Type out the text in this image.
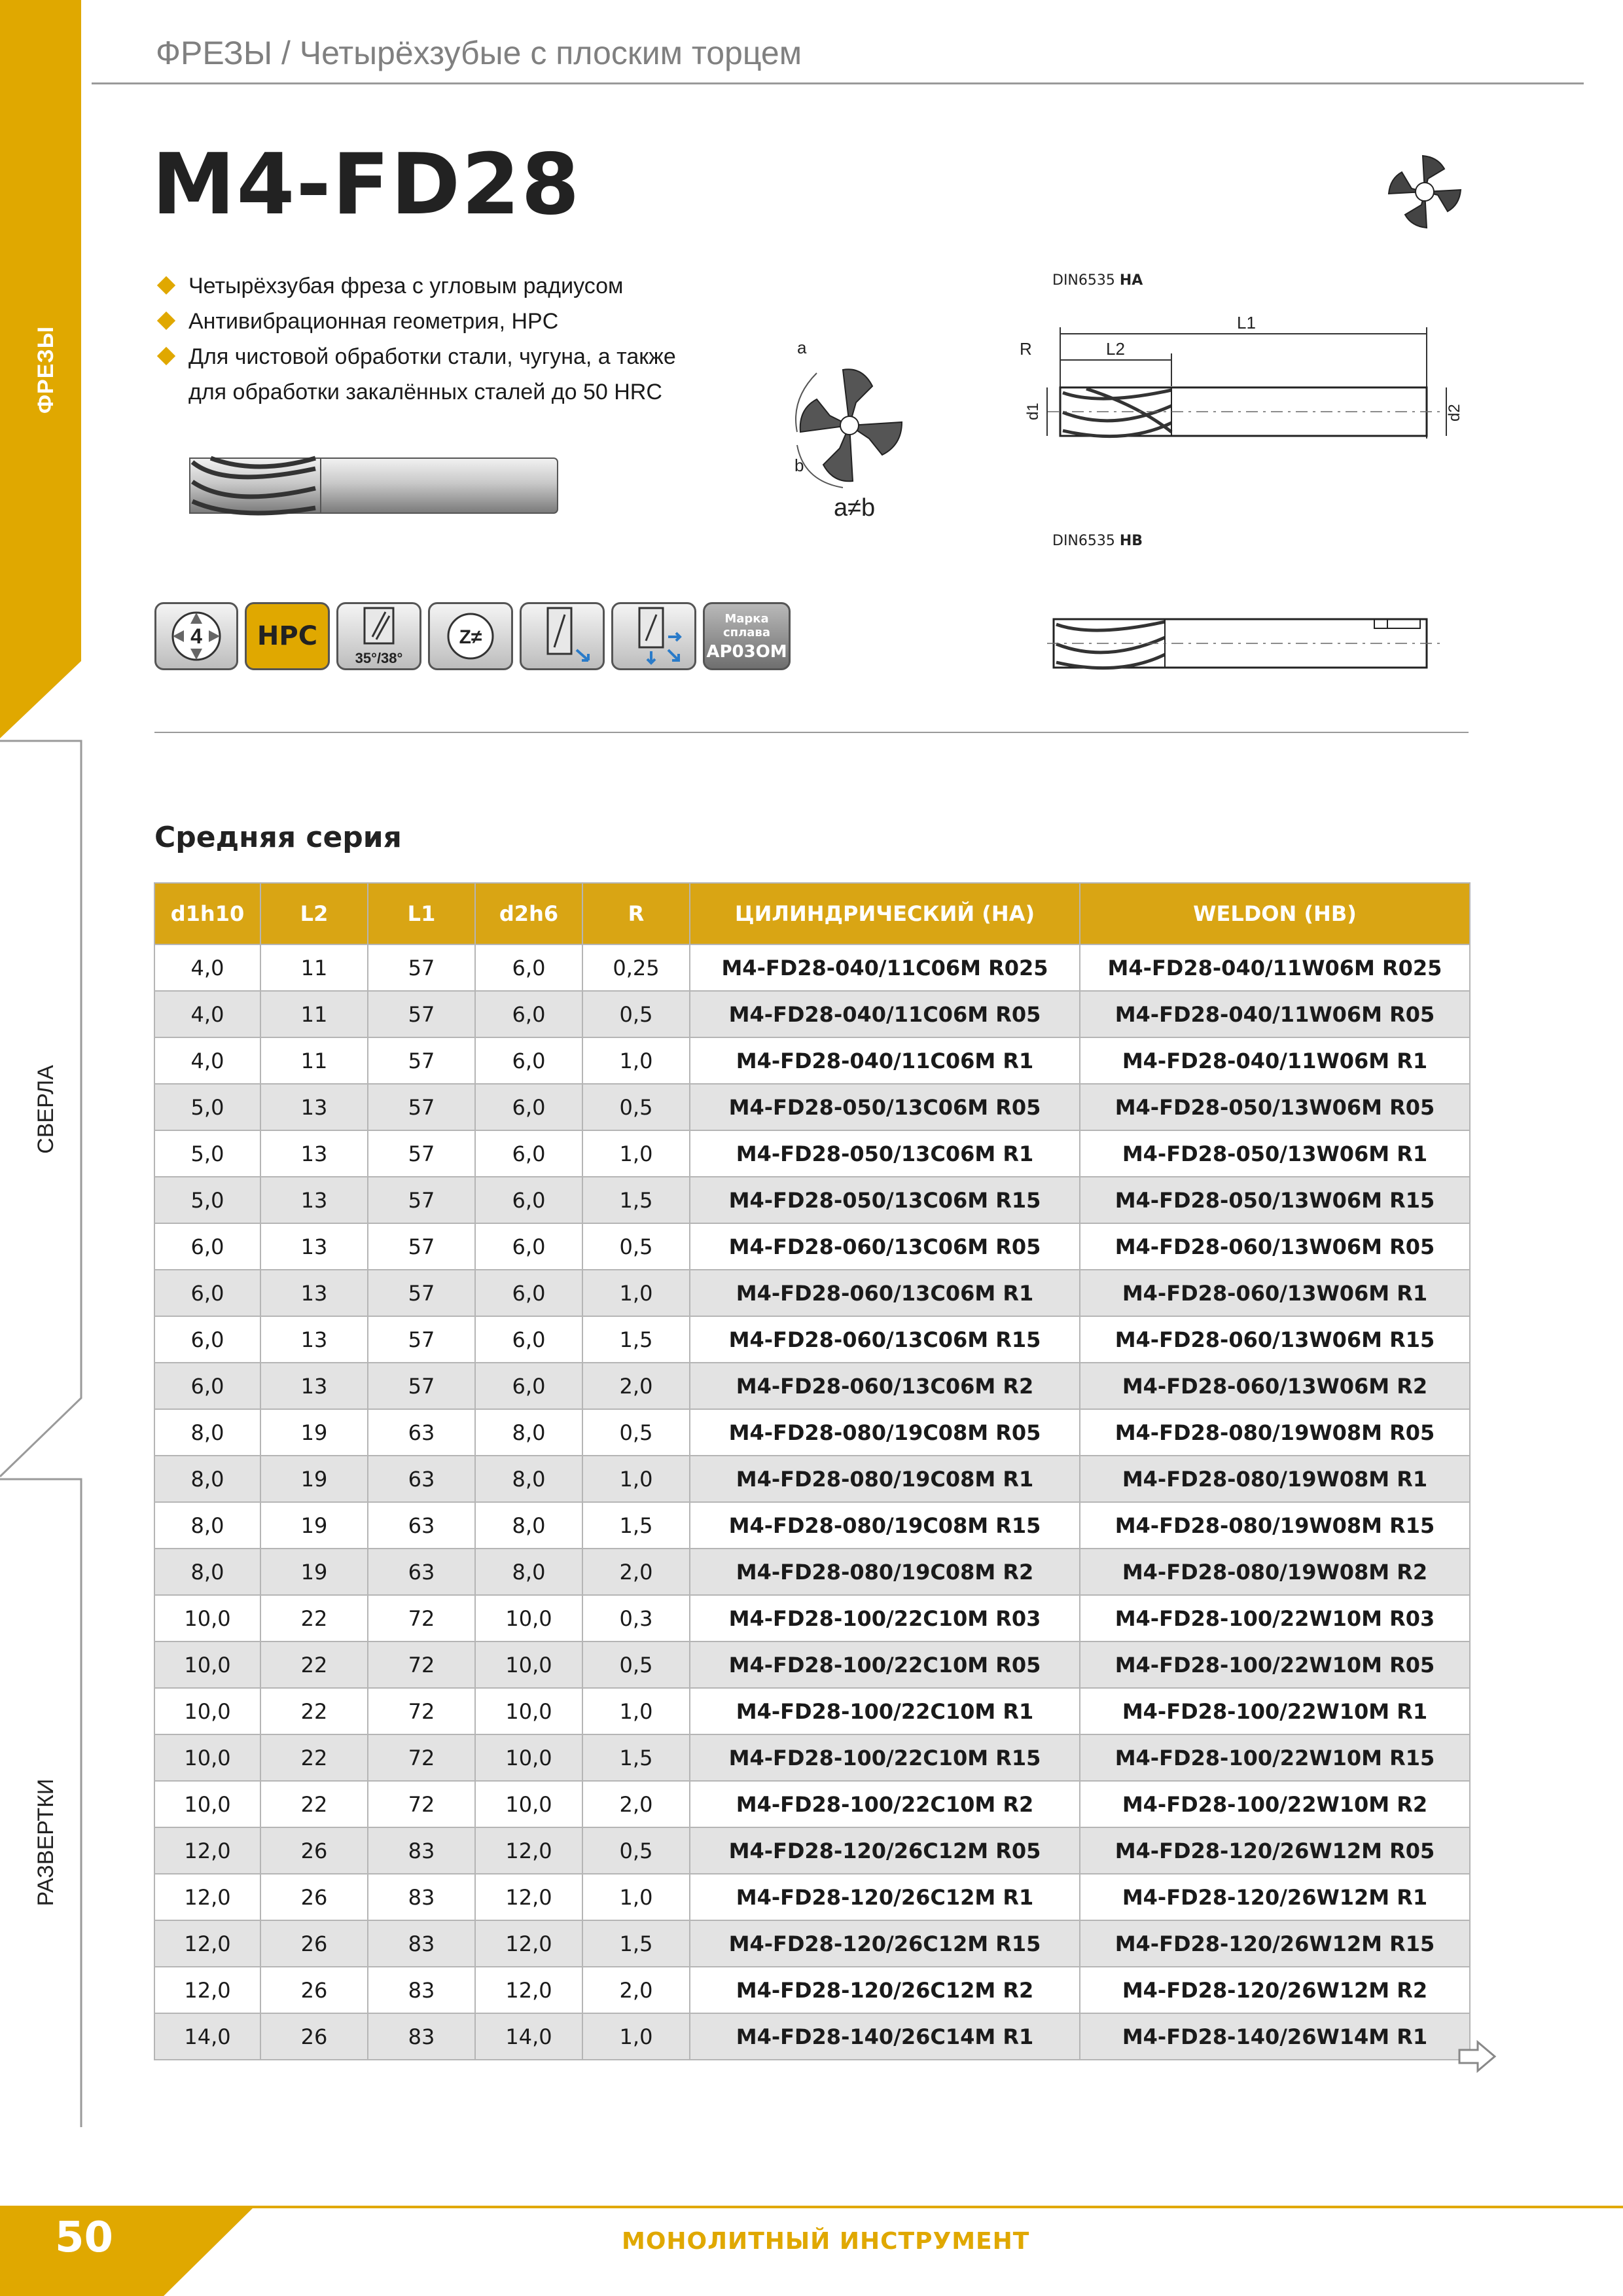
ФРЕЗЫ
СВЕРЛА
РАЗВЕРТКИ
ФРЕЗЫ / Четырёхзубые с плоским торцем
M4-FD28
Четырёхзубая фреза с угловым радиусом
Антивибрационная геометрия, HPC
Для чистовой обработки стали, чугуна, а также
для обработки закалённых сталей до 50 HRC
a
b
a≠b
DIN6535 HA
L1
L2
R
d1	d2
DIN6535 HB
4	HPC
35°/38°
Z≠
Марка
сплава
AP03OM
Средняя серия
d1h10	L2	L1	d2h6	R	ЦИЛИНДРИЧЕСКИЙ (HA)	WELDON (HB)
4,0	11	57	6,0	0,25	M4-FD28-040/11C06M R025	M4-FD28-040/11W06M R025
4,0	11	57	6,0	0,5	M4-FD28-040/11C06M R05	M4-FD28-040/11W06M R05
4,0	11	57	6,0	1,0	M4-FD28-040/11C06M R1	M4-FD28-040/11W06M R1
5,0	13	57	6,0	0,5	M4-FD28-050/13C06M R05	M4-FD28-050/13W06M R05
5,0	13	57	6,0	1,0	M4-FD28-050/13C06M R1	M4-FD28-050/13W06M R1
5,0	13	57	6,0	1,5	M4-FD28-050/13C06M R15	M4-FD28-050/13W06M R15
6,0	13	57	6,0	0,5	M4-FD28-060/13C06M R05	M4-FD28-060/13W06M R05
6,0	13	57	6,0	1,0	M4-FD28-060/13C06M R1	M4-FD28-060/13W06M R1
6,0	13	57	6,0	1,5	M4-FD28-060/13C06M R15	M4-FD28-060/13W06M R15
6,0	13	57	6,0	2,0	M4-FD28-060/13C06M R2	M4-FD28-060/13W06M R2
8,0	19	63	8,0	0,5	M4-FD28-080/19C08M R05	M4-FD28-080/19W08M R05
8,0	19	63	8,0	1,0	M4-FD28-080/19C08M R1	M4-FD28-080/19W08M R1
8,0	19	63	8,0	1,5	M4-FD28-080/19C08M R15	M4-FD28-080/19W08M R15
8,0	19	63	8,0	2,0	M4-FD28-080/19C08M R2	M4-FD28-080/19W08M R2
10,0	22	72	10,0	0,3	M4-FD28-100/22C10M R03	M4-FD28-100/22W10M R03
10,0	22	72	10,0	0,5	M4-FD28-100/22C10M R05	M4-FD28-100/22W10M R05
10,0	22	72	10,0	1,0	M4-FD28-100/22C10M R1	M4-FD28-100/22W10M R1
10,0	22	72	10,0	1,5	M4-FD28-100/22C10M R15	M4-FD28-100/22W10M R15
10,0	22	72	10,0	2,0	M4-FD28-100/22C10M R2	M4-FD28-100/22W10M R2
12,0	26	83	12,0	0,5	M4-FD28-120/26C12M R05	M4-FD28-120/26W12M R05
12,0	26	83	12,0	1,0	M4-FD28-120/26C12M R1	M4-FD28-120/26W12M R1
12,0	26	83	12,0	1,5	M4-FD28-120/26C12M R15	M4-FD28-120/26W12M R15
12,0	26	83	12,0	2,0	M4-FD28-120/26C12M R2	M4-FD28-120/26W12M R2
14,0	26	83	14,0	1,0	M4-FD28-140/26C14M R1	M4-FD28-140/26W14M R1
50	МОНОЛИТНЫЙ ИНСТРУМЕНТ
